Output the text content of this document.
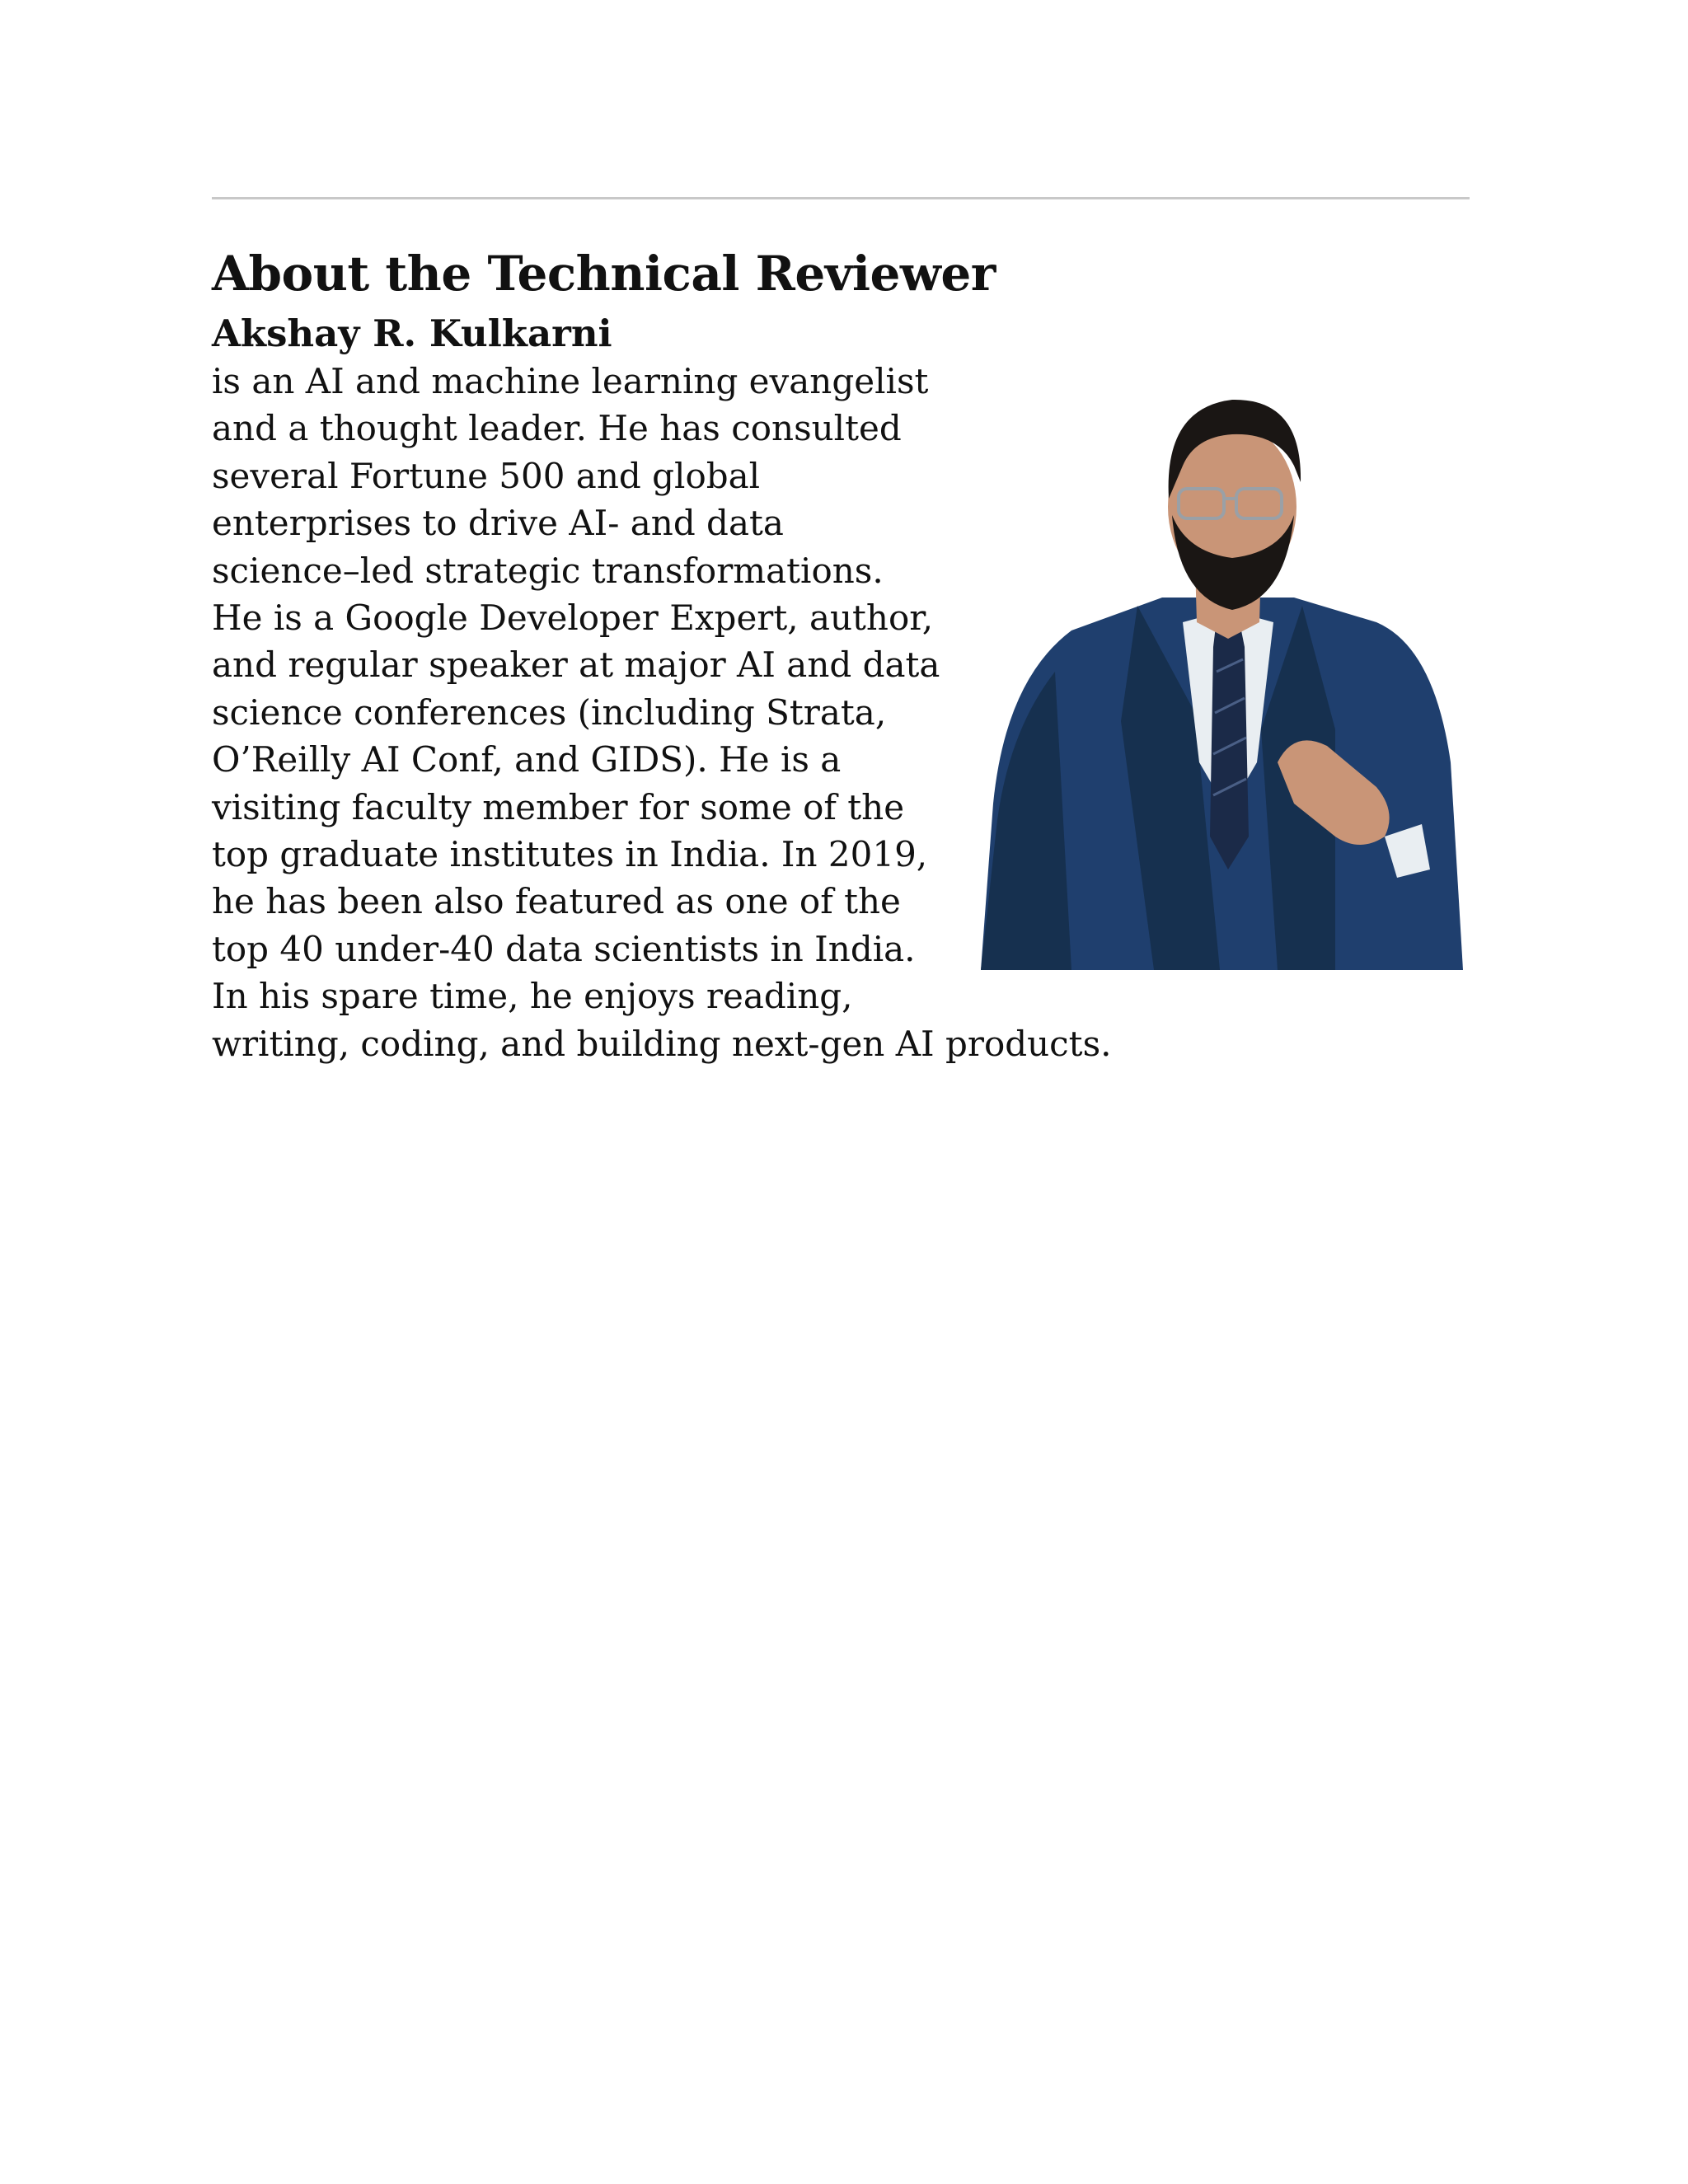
About the Technical Reviewer
Akshay R. Kulkarni
is an AI and machine learning evangelist
and a thought leader. He has consulted
several Fortune 500 and global
enterprises to drive AI- and data
science–led strategic transformations.
He is a Google Developer Expert, author,
and regular speaker at major AI and data
science conferences (including Strata,
O’Reilly AI Conf, and GIDS). He is a
visiting faculty member for some of the
top graduate institutes in India. In 2019,
he has been also featured as one of the
top 40 under-40 data scientists in India.
In his spare time, he enjoys reading,
writing, coding, and building next-gen AI products.
